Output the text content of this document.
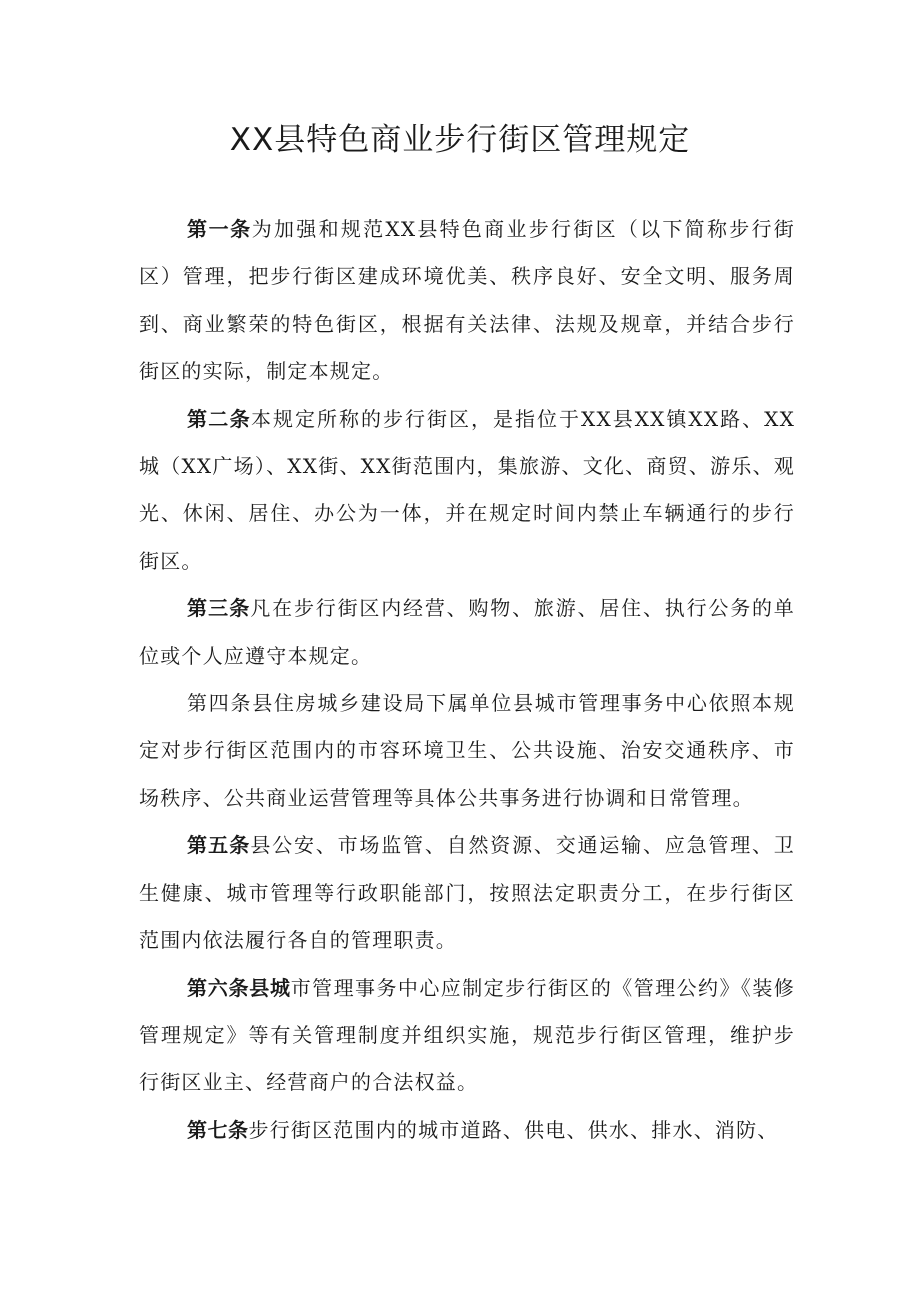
XX县特色商业步行街区管理规定

第一条为加强和规范XX县特色商业步行街区（以下简称步行街区）管理，把步行街区建成环境优美、秩序良好、安全文明、服务周到、商业繁荣的特色街区，根据有关法律、法规及规章，并结合步行街区的实际，制定本规定。

第二条本规定所称的步行街区，是指位于XX县XX镇XX路、XX城（XX广场）、XX街、XX街范围内，集旅游、文化、商贸、游乐、观光、休闲、居住、办公为一体，并在规定时间内禁止车辆通行的步行街区。

第三条凡在步行街区内经营、购物、旅游、居住、执行公务的单位或个人应遵守本规定。

第四条县住房城乡建设局下属单位县城市管理事务中心依照本规定对步行街区范围内的市容环境卫生、公共设施、治安交通秩序、市场秩序、公共商业运营管理等具体公共事务进行协调和日常管理。

第五条县公安、市场监管、自然资源、交通运输、应急管理、卫生健康、城市管理等行政职能部门，按照法定职责分工，在步行街区范围内依法履行各自的管理职责。

第六条县城市管理事务中心应制定步行街区的《管理公约》《装修管理规定》等有关管理制度并组织实施，规范步行街区管理，维护步行街区业主、经营商户的合法权益。

第七条步行街区范围内的城市道路、供电、供水、排水、消防、
